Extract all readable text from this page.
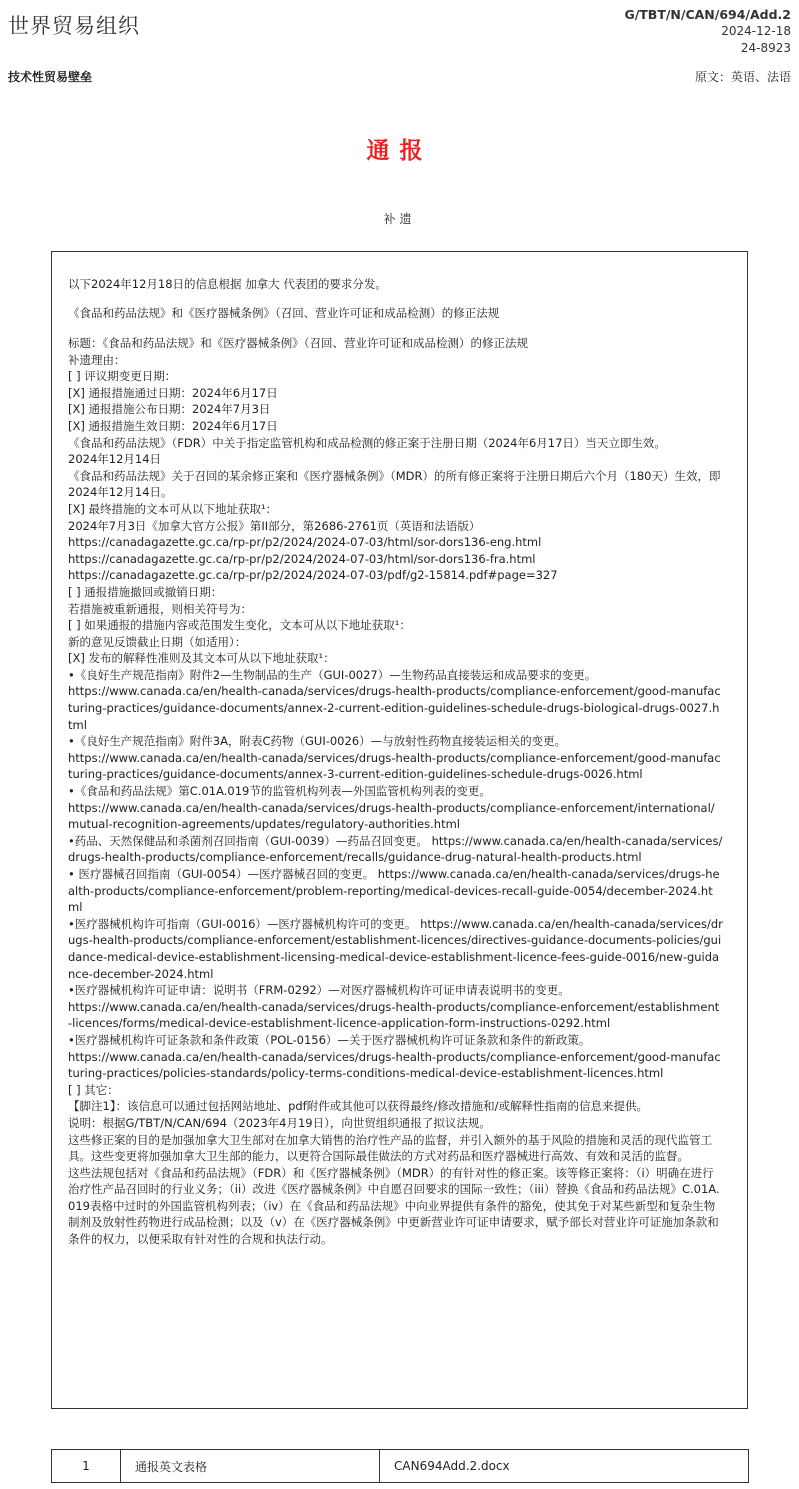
世界贸易组织	G/TBT/N/CAN/694/Add.2
2024-12-18
24-8923
技术性贸易壁垒	原文：英语、法语
通报
补遗
以下2024年12月18日的信息根据 加拿大 代表团的要求分发。
《食品和药品法规》和《医疗器械条例》（召回、营业许可证和成品检测）的修正法规

标题：《食品和药品法规》和《医疗器械条例》（召回、营业许可证和成品检测）的修正法规

补遗理由：

[ ] 评议期变更日期：

[X] 通报措施通过日期：2024年6月17日

[X] 通报措施公布日期：2024年7月3日

[X] 通报措施生效日期：2024年6月17日

《食品和药品法规》（FDR）中关于指定监管机构和成品检测的修正案于注册日期（2024年6月17日）当天立即生效。

2024年12月14日

《食品和药品法规》关于召回的某余修正案和《医疗器械条例》（MDR）的所有修正案将于注册日期后六个月（180天）生效，即2024年12月14日。

[X] 最终措施的文本可从以下地址获取¹：

2024年7月3日《加拿大官方公报》第II部分，第2686-2761页（英语和法语版）

https://canadagazette.gc.ca/rp-pr/p2/2024/2024-07-03/html/sor-dors136-eng.html

https://canadagazette.gc.ca/rp-pr/p2/2024/2024-07-03/html/sor-dors136-fra.html

https://canadagazette.gc.ca/rp-pr/p2/2024/2024-07-03/pdf/g2-15814.pdf#page=327

[ ] 通报措施撤回或撤销日期：

若措施被重新通报，则相关符号为：

[ ] 如果通报的措施内容或范围发生变化，文本可从以下地址获取¹：

新的意见反馈截止日期（如适用）：

[X] 发布的解释性准则及其文本可从以下地址获取¹：

•《良好生产规范指南》附件2—生物制品的生产（GUI-0027）—生物药品直接装运和成品要求的变更。

https://www.canada.ca/en/health-canada/services/drugs-health-products/compliance-enforcement/good-manufacturing-practices/guidance-documents/annex-2-current-edition-guidelines-schedule-drugs-biological-drugs-0027.html

•《良好生产规范指南》附件3A，附表C药物（GUI-0026）—与放射性药物直接装运相关的变更。

https://www.canada.ca/en/health-canada/services/drugs-health-products/compliance-enforcement/good-manufacturing-practices/guidance-documents/annex-3-current-edition-guidelines-schedule-drugs-0026.html

•《食品和药品法规》第C.01A.019节的监管机构列表—外国监管机构列表的变更。

https://www.canada.ca/en/health-canada/services/drugs-health-products/compliance-enforcement/international/mutual-recognition-agreements/updates/regulatory-authorities.html

•药品、天然保健品和杀菌剂召回指南（GUI-0039）—药品召回变更。 https://www.canada.ca/en/health-canada/services/drugs-health-products/compliance-enforcement/recalls/guidance-drug-natural-health-products.html

• 医疗器械召回指南（GUI-0054）—医疗器械召回的变更。 https://www.canada.ca/en/health-canada/services/drugs-health-products/compliance-enforcement/problem-reporting/medical-devices-recall-guide-0054/december-2024.html

•医疗器械机构许可指南（GUI-0016）—医疗器械机构许可的变更。 https://www.canada.ca/en/health-canada/services/drugs-health-products/compliance-enforcement/establishment-licences/directives-guidance-documents-policies/guidance-medical-device-establishment-licensing-medical-device-establishment-licence-fees-guide-0016/new-guidance-december-2024.html

•医疗器械机构许可证申请：说明书（FRM-0292）—对医疗器械机构许可证申请表说明书的变更。

https://www.canada.ca/en/health-canada/services/drugs-health-products/compliance-enforcement/establishment-licences/forms/medical-device-establishment-licence-application-form-instructions-0292.html

•医疗器械机构许可证条款和条件政策（POL-0156）—关于医疗器械机构许可证条款和条件的新政策。

https://www.canada.ca/en/health-canada/services/drugs-health-products/compliance-enforcement/good-manufacturing-practices/policies-standards/policy-terms-conditions-medical-device-establishment-licences.html

[ ] 其它：

【脚注1】：该信息可以通过包括网站地址、pdf附件或其他可以获得最终/修改措施和/或解释性指南的信息来提供。

说明：根据G/TBT/N/CAN/694（2023年4月19日），向世贸组织通报了拟议法规。

这些修正案的目的是加强加拿大卫生部对在加拿大销售的治疗性产品的监督，并引入额外的基于风险的措施和灵活的现代监管工具。这些变更将加强加拿大卫生部的能力，以更符合国际最佳做法的方式对药品和医疗器械进行高效、有效和灵活的监督。

这些法规包括对《食品和药品法规》（FDR）和《医疗器械条例》（MDR）的有针对性的修正案。该等修正案将：（i）明确在进行治疗性产品召回时的行业义务；（ii）改进《医疗器械条例》中自愿召回要求的国际一致性；（iii）替换《食品和药品法规》C.01A.019表格中过时的外国监管机构列表；（iv）在《食品和药品法规》中向业界提供有条件的豁免，使其免于对某些新型和复杂生物制剂及放射性药物进行成品检测；以及（v）在《医疗器械条例》中更新营业许可证申请要求，赋予部长对营业许可证施加条款和条件的权力，以便采取有针对性的合规和执法行动。

1	通报英文表格	CAN694Add.2.docx
